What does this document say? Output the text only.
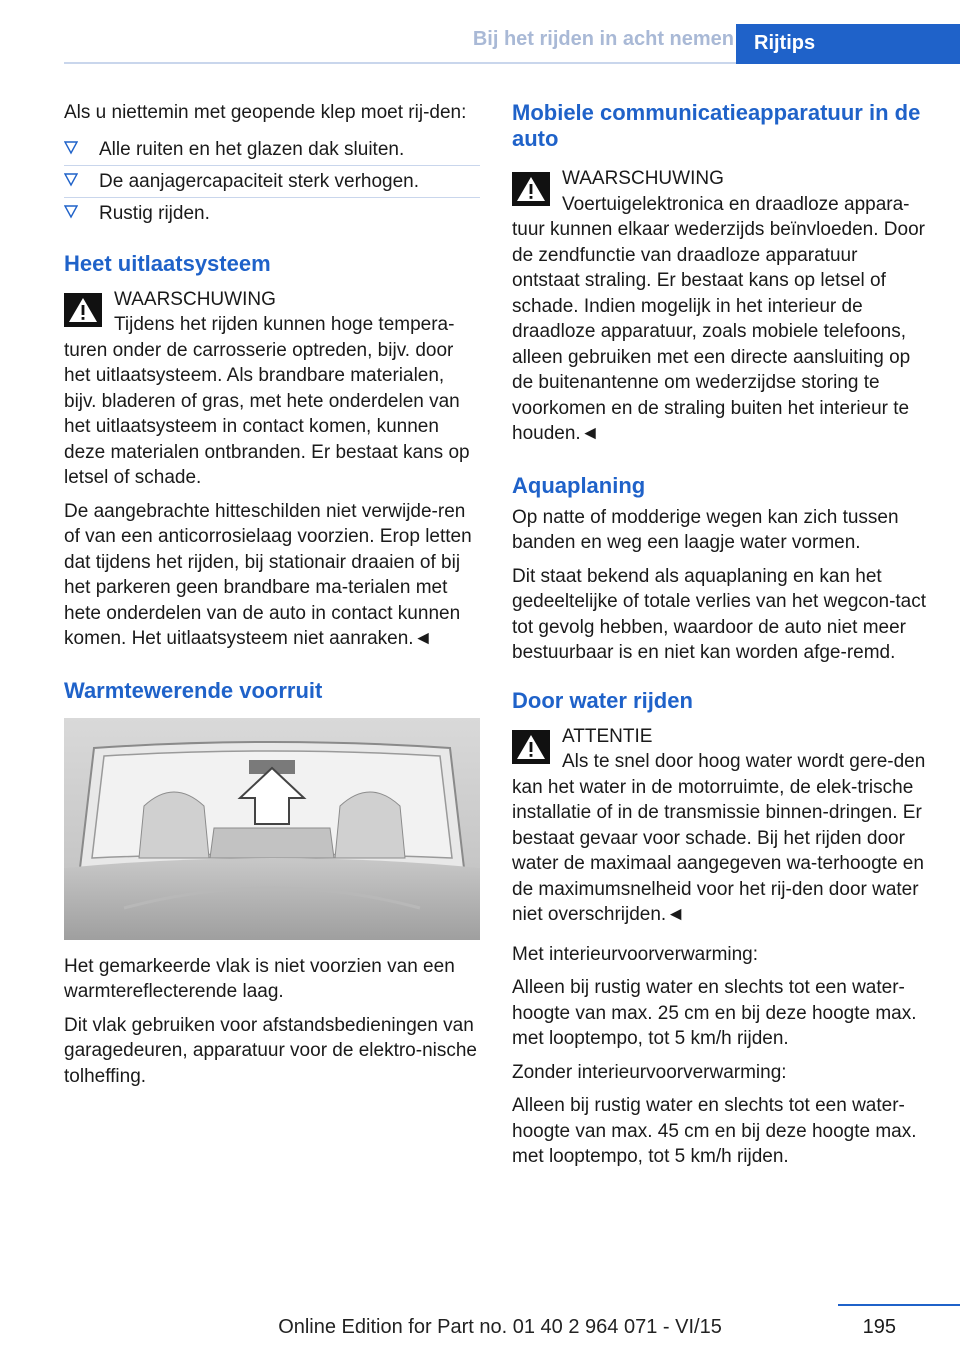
Bij het rijden in acht nemen	Rijtips

Als u niettemin met geopende klep moet rij-den:

Alle ruiten en het glazen dak sluiten.
De aanjagercapaciteit sterk verhogen.
Rustig rijden.
Heet uitlaatsysteem
WAARSCHUWING
Tijdens het rijden kunnen hoge tempera-turen onder de carrosserie optreden, bijv. door het uitlaatsysteem. Als brandbare materialen, bijv. bladeren of gras, met hete onderdelen van het uitlaatsysteem in contact komen, kunnen deze materialen ontbranden. Er bestaat kans op letsel of schade.

De aangebrachte hitteschilden niet verwijde-ren of van een anticorrosielaag voorzien. Erop letten dat tijdens het rijden, bij stationair draaien of bij het parkeren geen brandbare ma-terialen met hete onderdelen van de auto in contact kunnen komen. Het uitlaatsysteem niet aanraken.◄

Warmtewerende voorruit

Het gemarkeerde vlak is niet voorzien van een warmtereflecterende laag.

Dit vlak gebruiken voor afstandsbedieningen van garagedeuren, apparatuur voor de elektro-nische tolheffing.

Mobiele communicatieapparatuur in de auto
WAARSCHUWING
Voertuigelektronica en draadloze appara-tuur kunnen elkaar wederzijds beïnvloeden. Door de zendfunctie van draadloze apparatuur ontstaat straling. Er bestaat kans op letsel of schade. Indien mogelijk in het interieur de draadloze apparatuur, zoals mobiele telefoons, alleen gebruiken met een directe aansluiting op de buitenantenne om wederzijdse storing te voorkomen en de straling buiten het interieur te houden.◄
Aquaplaning

Op natte of modderige wegen kan zich tussen banden en weg een laagje water vormen.

Dit staat bekend als aquaplaning en kan het gedeeltelijke of totale verlies van het wegcon-tact tot gevolg hebben, waardoor de auto niet meer bestuurbaar is en niet kan worden afge-remd.

Door water rijden
ATTENTIE
Als te snel door hoog water wordt gere-den kan het water in de motorruimte, de elek-trische installatie of in de transmissie binnen-dringen. Er bestaat gevaar voor schade. Bij het rijden door water de maximaal aangegeven wa-terhoogte en de maximumsnelheid voor het rij-den door water niet overschrijden.◄

Met interieurvoorverwarming:

Alleen bij rustig water en slechts tot een water-hoogte van max. 25 cm en bij deze hoogte max. met looptempo, tot 5 km/h rijden.

Zonder interieurvoorverwarming:

Alleen bij rustig water en slechts tot een water-hoogte van max. 45 cm en bij deze hoogte max. met looptempo, tot 5 km/h rijden.

Online Edition for Part no. 01 40 2 964 071 - VI/15	195
